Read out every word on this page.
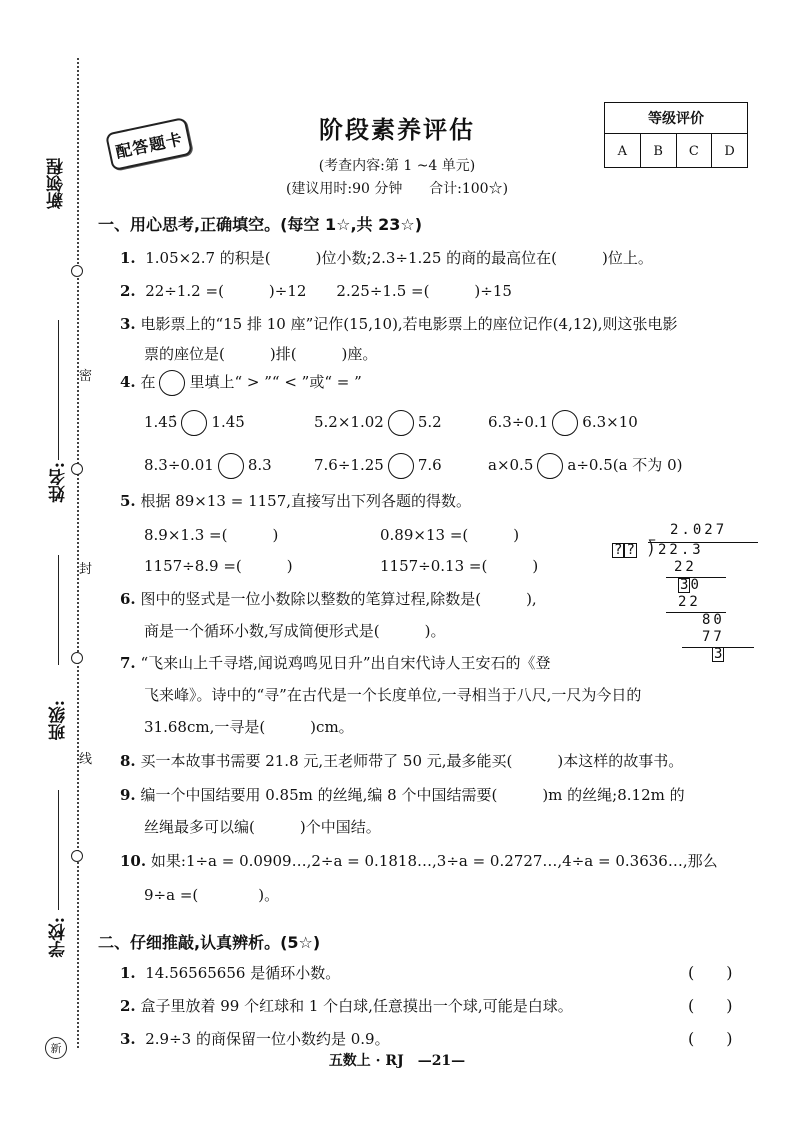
新领程
姓名:
班级:
学校:
密
封
线
新
配答题卡	阶段素养评估
(考查内容:第 1 ~4 单元)
(建议用时:90 分钟 合计:100☆)
等级评价
A	B	C	D
一、用心思考,正确填空。(每空 1☆,共 23☆)
1. 1.05×2.7 的积是(　　　)位小数;2.3÷1.25 的商的最高位在(　　　)位上。
2. 22÷1.2 =(　　　)÷12　　2.25÷1.5 =(　　　)÷15
3. 电影票上的“15 排 10 座”记作(15,10),若电影票上的座位记作(4,12),则这张电影
票的座位是(　　　)排(　　　)座。
4. 在 里填上“ > ”“ < ”或“ = ”
1.45̇ 1.4̇5̇	5.2×1.02 5.2	6.3÷0.1 6.3×10
8.3÷0.01 8.3	7.6÷1.25 7.6	a×0.5 a÷0.5(a 不为 0)
5. 根据 89×13 = 1157,直接写出下列各题的得数。
8.9×1.3 =(　　　)	0.89×13 =(　　　)
1157÷8.9 =(　　　)	1157÷0.13 =(　　　)
6. 图中的竖式是一位小数除以整数的笔算过程,除数是(　　　),
商是一个循环小数,写成简便形式是(　　　)。
2.027
? ? ⟌ 22.3
22
3 0
22
80
77
3
7. “飞来山上千寻塔,闻说鸡鸣见日升”出自宋代诗人王安石的《登
飞来峰》。诗中的“寻”在古代是一个长度单位,一寻相当于八尺,一尺为今日的
31.68cm,一寻是(　　　)cm。
8. 买一本故事书需要 21.8 元,王老师带了 50 元,最多能买(　　　)本这样的故事书。
9. 编一个中国结要用 0.85m 的丝绳,编 8 个中国结需要(　　　)m 的丝绳;8.12m 的
丝绳最多可以编(　　　)个中国结。
10. 如果:1÷a = 0.0909…,2÷a = 0.1818…,3÷a = 0.2727…,4÷a = 0.3636…,那么
9÷a =(　　　　)。
二、仔细推敲,认真辨析。(5☆)
1. 14.56565656 是循环小数。	(　　)
2. 盒子里放着 99 个红球和 1 个白球,任意摸出一个球,可能是白球。	(　　)
3. 2.9÷3 的商保留一位小数约是 0.9。	(　　)
五数上 · RJ　—21—
